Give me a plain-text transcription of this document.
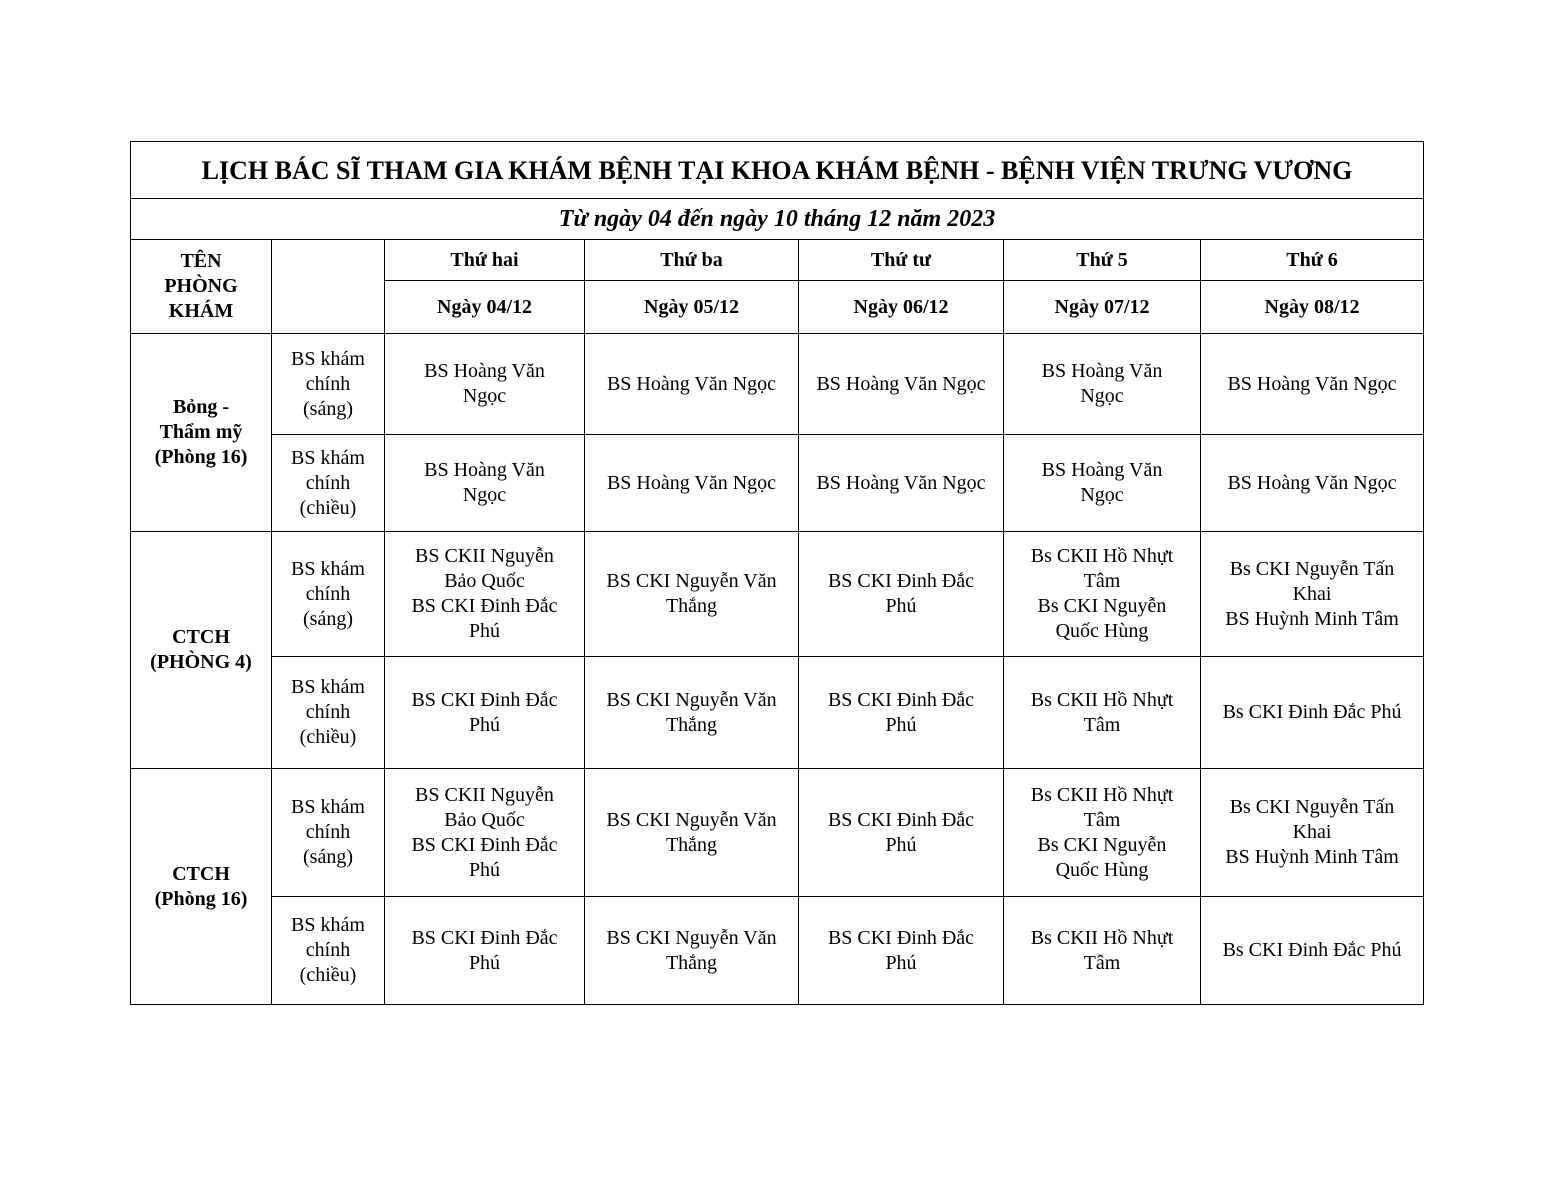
LỊCH BÁC SĨ THAM GIA KHÁM BỆNH TẠI KHOA KHÁM BỆNH - BỆNH VIỆN TRƯNG VƯƠNG						
Từ ngày 04 đến ngày 10 tháng 12 năm 2023						

TÊN
PHÒNG
KHÁM		Thứ hai	Thứ ba	Thứ tư	Thứ 5	Thứ 6
		Ngày 04/12	Ngày 05/12	Ngày 06/12	Ngày 07/12	Ngày 08/12

Bỏng -
Thẩm mỹ
(Phòng 16)	BS khám
chính
(sáng)	BS Hoàng Văn
Ngọc	BS Hoàng Văn Ngọc	BS Hoàng Văn Ngọc	BS Hoàng Văn
Ngọc	BS Hoàng Văn Ngọc

	BS khám
chính
(chiều)	BS Hoàng Văn
Ngọc	BS Hoàng Văn Ngọc	BS Hoàng Văn Ngọc	BS Hoàng Văn
Ngọc	BS Hoàng Văn Ngọc

CTCH
(PHÒNG 4)	BS khám
chính
(sáng)	BS CKII Nguyễn
Bảo Quốc
BS CKI Đinh Đắc
Phú	BS CKI Nguyễn Văn
Thắng	BS CKI Đinh Đắc
Phú	Bs CKII Hồ Nhựt
Tâm
Bs CKI Nguyễn
Quốc Hùng	Bs CKI Nguyễn Tấn
Khai
BS Huỳnh Minh Tâm

	BS khám
chính
(chiều)	BS CKI Đinh Đắc
Phú	BS CKI Nguyễn Văn
Thắng	BS CKI Đinh Đắc
Phú	Bs CKII Hồ Nhựt
Tâm	Bs CKI Đinh Đắc Phú

CTCH
(Phòng 16)	BS khám
chính
(sáng)	BS CKII Nguyễn
Bảo Quốc
BS CKI Đinh Đắc
Phú	BS CKI Nguyễn Văn
Thắng	BS CKI Đinh Đắc
Phú	Bs CKII Hồ Nhựt
Tâm
Bs CKI Nguyễn
Quốc Hùng	Bs CKI Nguyễn Tấn
Khai
BS Huỳnh Minh Tâm

	BS khám
chính
(chiều)	BS CKI Đinh Đắc
Phú	BS CKI Nguyễn Văn
Thắng	BS CKI Đinh Đắc
Phú	Bs CKII Hồ Nhựt
Tâm	Bs CKI Đinh Đắc Phú
